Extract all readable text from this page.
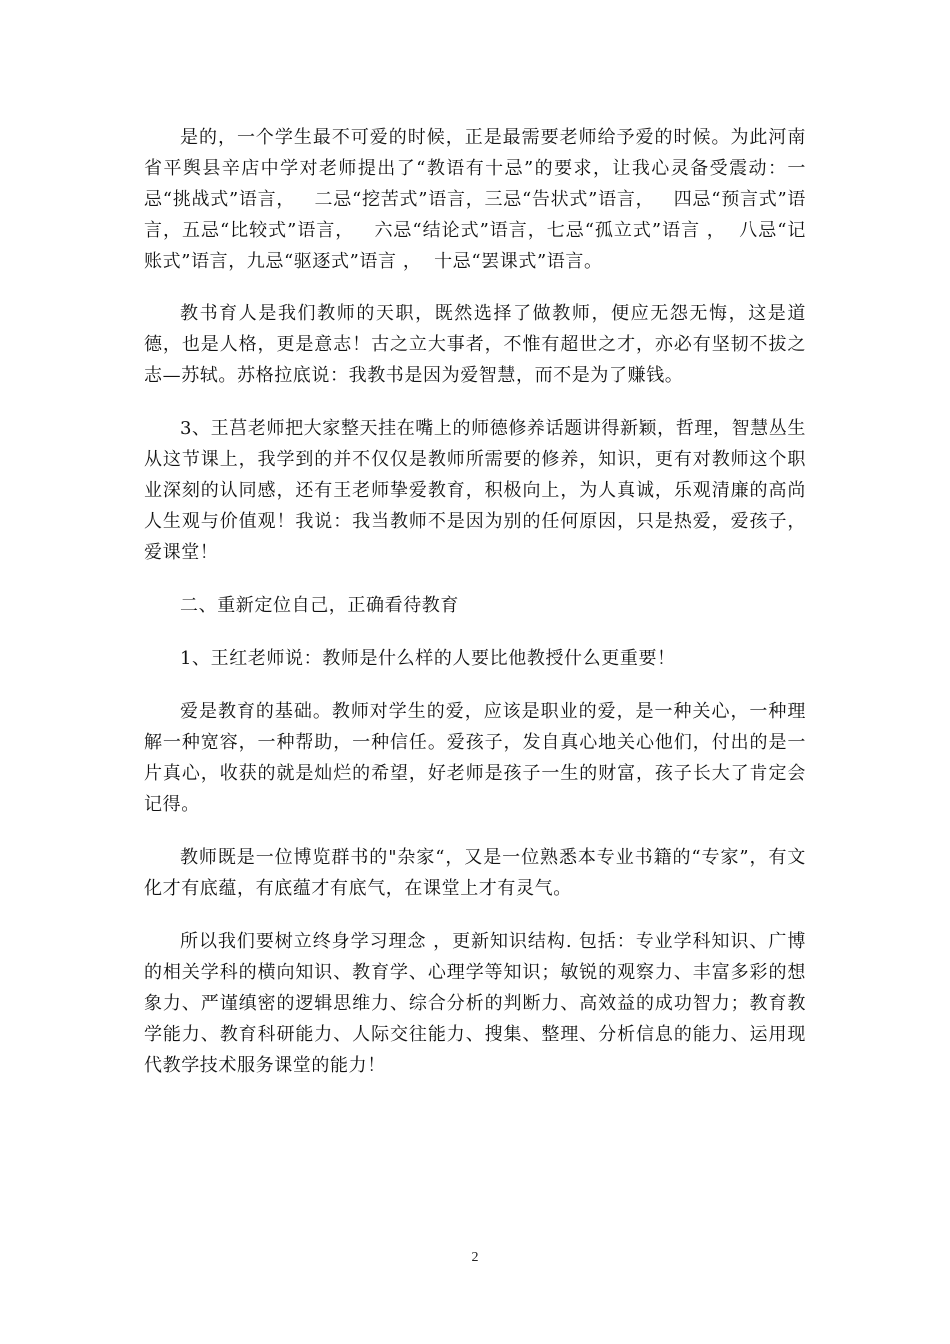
是的，一个学生最不可爱的时候，正是最需要老师给予爱的时候。为此河南省平舆县辛店中学对老师提出了“教语有十忌”的要求，让我心灵备受震动：一忌“挑战式”语言，   二忌“挖苦式”语言，三忌“告状式”语言，   四忌“预言式”语言，五忌“比较式”语言，   六忌“结论式”语言，七忌“孤立式”语言 ，  八忌“记账式”语言，九忌“驱逐式”语言 ，  十忌“罢课式”语言。

教书育人是我们教师的天职，既然选择了做教师，便应无怨无悔，这是道德，也是人格，更是意志！古之立大事者，不惟有超世之才，亦必有坚韧不拔之志—苏轼。苏格拉底说：我教书是因为爱智慧，而不是为了赚钱。

3、王莒老师把大家整天挂在嘴上的师德修养话题讲得新颖，哲理，智慧丛生从这节课上，我学到的并不仅仅是教师所需要的修养，知识，更有对教师这个职业深刻的认同感，还有王老师挚爱教育，积极向上，为人真诚，乐观清廉的高尚人生观与价值观！我说：我当教师不是因为别的任何原因，只是热爱，爱孩子，爱课堂！

二、重新定位自己，正确看待教育

1、王红老师说：教师是什么样的人要比他教授什么更重要！

爱是教育的基础。教师对学生的爱，应该是职业的爱，是一种关心，一种理解一种宽容，一种帮助，一种信任。爱孩子，发自真心地关心他们，付出的是一片真心，收获的就是灿烂的希望，好老师是孩子一生的财富，孩子长大了肯定会记得。

教师既是一位博览群书的"杂家“，又是一位熟悉本专业书籍的“专家”，有文化才有底蕴，有底蕴才有底气，在课堂上才有灵气。

所以我们要树立终身学习理念 ，更新知识结构. 包括：专业学科知识、广博的相关学科的横向知识、教育学、心理学等知识；敏锐的观察力、丰富多彩的想象力、严谨缜密的逻辑思维力、综合分析的判断力、高效益的成功智力；教育教学能力、教育科研能力、人际交往能力、搜集、整理、分析信息的能力、运用现代教学技术服务课堂的能力！

2
